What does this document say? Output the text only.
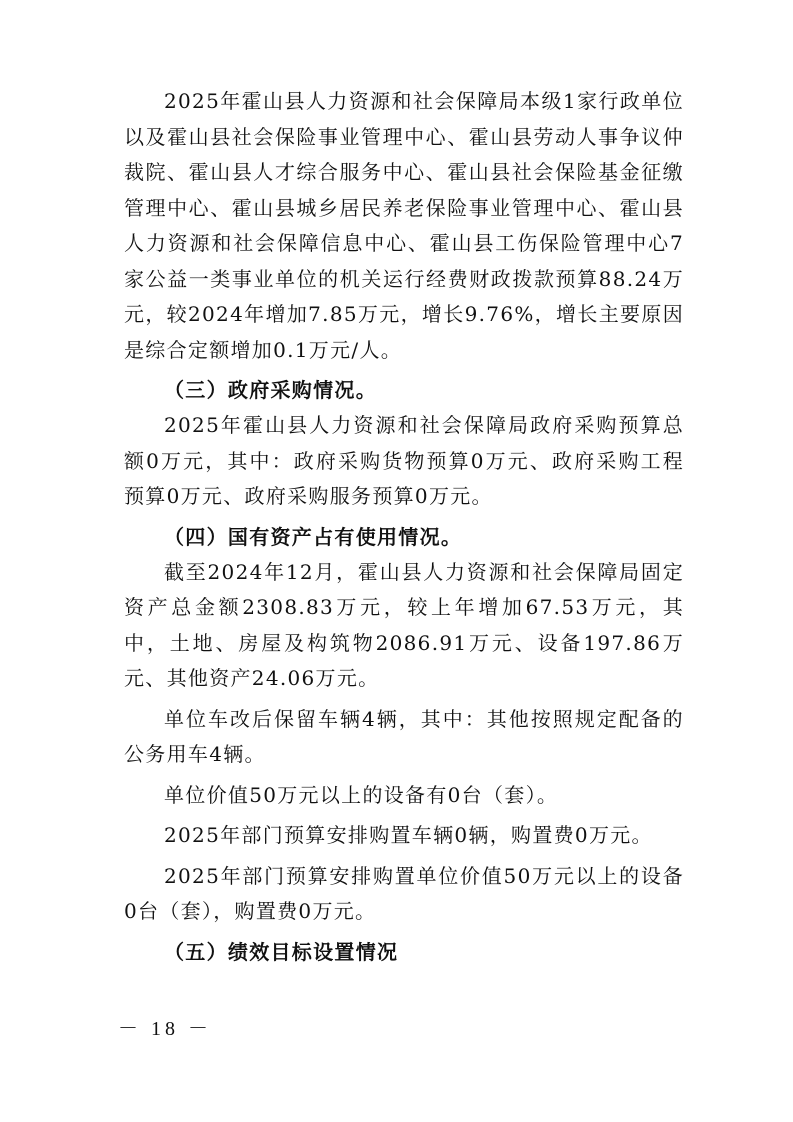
2025年霍山县人力资源和社会保障局本级1家行政单位以及霍山县社会保险事业管理中心、霍山县劳动人事争议仲裁院、霍山县人才综合服务中心、霍山县社会保险基金征缴管理中心、霍山县城乡居民养老保险事业管理中心、霍山县人力资源和社会保障信息中心、霍山县工伤保险管理中心7家公益一类事业单位的机关运行经费财政拨款预算88.24万元，较2024年增加7.85万元，增长9.76%，增长主要原因是综合定额增加0.1万元/人。

（三）政府采购情况。

2025年霍山县人力资源和社会保障局政府采购预算总额0万元，其中：政府采购货物预算0万元、政府采购工程预算0万元、政府采购服务预算0万元。

（四）国有资产占有使用情况。

截至2024年12月，霍山县人力资源和社会保障局固定资产总金额2308.83万元，较上年增加67.53万元，其中，土地、房屋及构筑物2086.91万元、设备197.86万元、其他资产24.06万元。

单位车改后保留车辆4辆，其中：其他按照规定配备的公务用车4辆。

单位价值50万元以上的设备有0台（套）。

2025年部门预算安排购置车辆0辆，购置费0万元。

2025年部门预算安排购置单位价值50万元以上的设备0台（套），购置费0万元。

（五）绩效目标设置情况
－ 18 －
